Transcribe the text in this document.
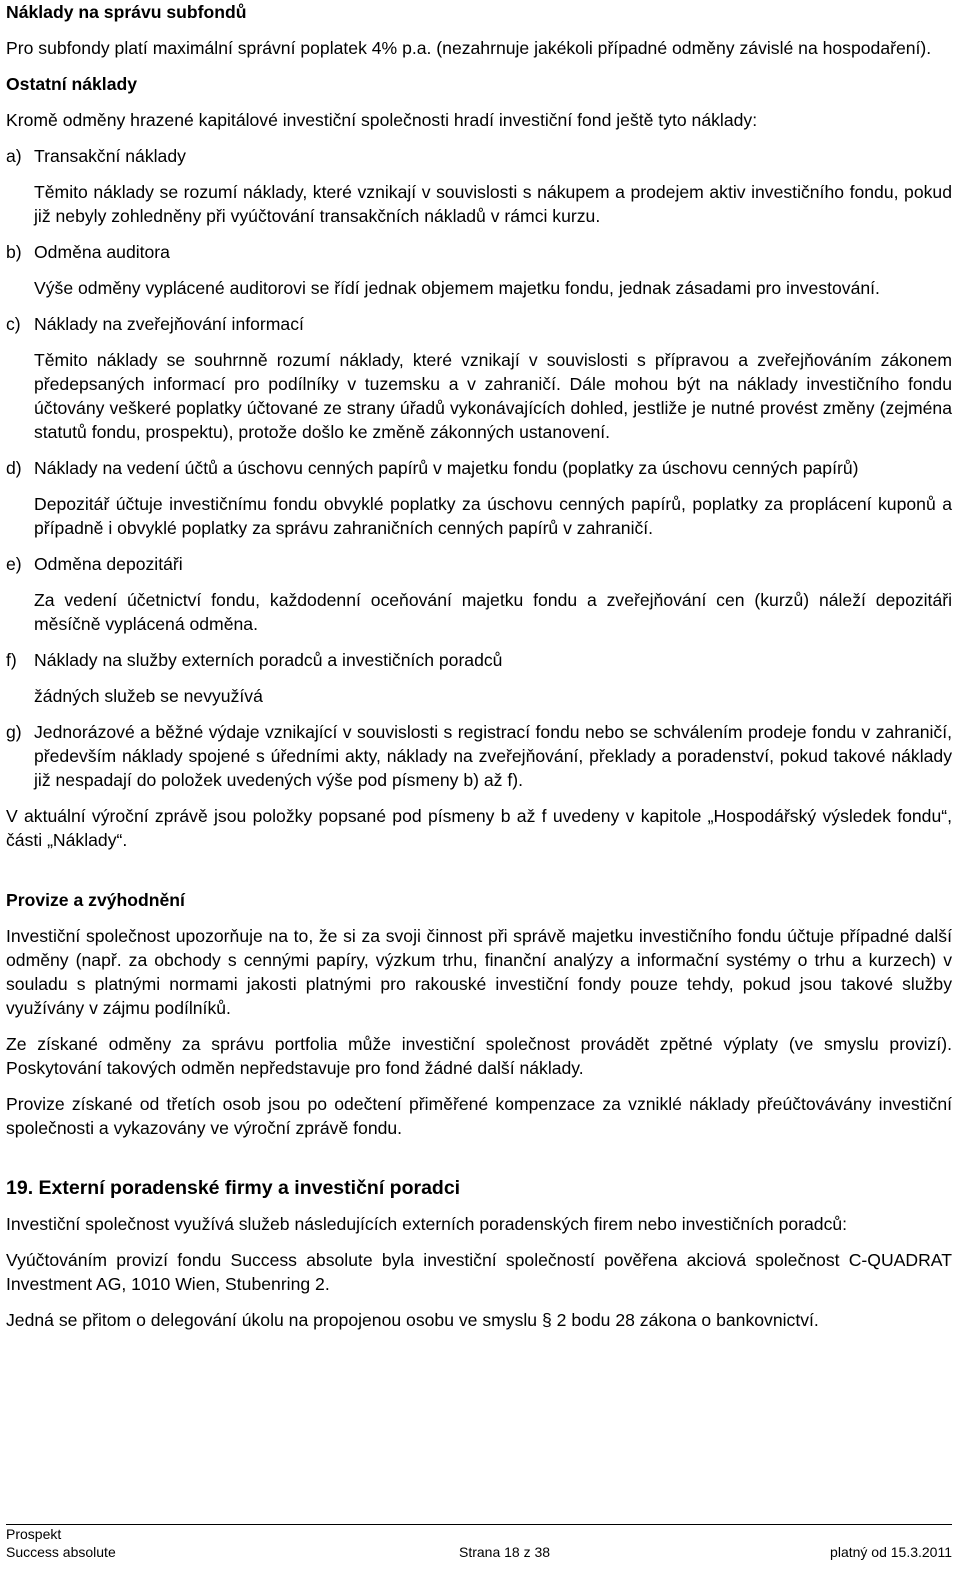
Náklady na správu subfondů

Pro subfondy platí maximální správní poplatek 4% p.a. (nezahrnuje jakékoli případné odměny závislé na hospodaření).

Ostatní náklady

Kromě odměny hrazené kapitálové investiční společnosti hradí investiční fond ještě tyto náklady:

a) Transakční náklady

Těmito náklady se rozumí náklady, které vznikají v souvislosti s nákupem a prodejem aktiv investičního fondu, pokud již nebyly zohledněny při vyúčtování transakčních nákladů v rámci kurzu.

b) Odměna auditora

Výše odměny vyplácené auditorovi se řídí jednak objemem majetku fondu, jednak zásadami pro investování.

c) Náklady na zveřejňování informací

Těmito náklady se souhrnně rozumí náklady, které vznikají v souvislosti s přípravou a zveřejňováním zákonem předepsaných informací pro podílníky v tuzemsku a v zahraničí. Dále mohou být na náklady investičního fondu účtovány veškeré poplatky účtované ze strany úřadů vykonávajících dohled, jestliže je nutné provést změny (zejména statutů fondu, prospektu), protože došlo ke změně zákonných ustanovení.

d) Náklady na vedení účtů a úschovu cenných papírů v majetku fondu (poplatky za úschovu cenných papírů)

Depozitář účtuje investičnímu fondu obvyklé poplatky za úschovu cenných papírů, poplatky za proplácení kuponů a případně i obvyklé poplatky za správu zahraničních cenných papírů v zahraničí.

e) Odměna depozitáři

Za vedení účetnictví fondu, každodenní oceňování majetku fondu a zveřejňování cen (kurzů) náleží depozitáři měsíčně vyplácená odměna.

f) Náklady na služby externích poradců a investičních poradců

žádných služeb se nevyužívá

g) Jednorázové a běžné výdaje vznikající v souvislosti s registrací fondu nebo se schválením prodeje fondu v zahraničí, především náklady spojené s úředními akty, náklady na zveřejňování, překlady a poradenství, pokud takové náklady již nespadají do položek uvedených výše pod písmeny b) až f).

V aktuální výroční zprávě jsou položky popsané pod písmeny b až f uvedeny v kapitole „Hospodářský výsledek fondu“, části „Náklady“.

Provize a zvýhodnění

Investiční společnost upozorňuje na to, že si za svoji činnost při správě majetku investičního fondu účtuje případné další odměny (např. za obchody s cennými papíry, výzkum trhu, finanční analýzy a informační systémy o trhu a kurzech) v souladu s platnými normami jakosti platnými pro rakouské investiční fondy pouze tehdy, pokud jsou takové služby využívány v zájmu podílníků.

Ze získané odměny za správu portfolia může investiční společnost provádět zpětné výplaty (ve smyslu provizí). Poskytování takových odměn nepředstavuje pro fond žádné další náklady.

Provize získané od třetích osob jsou po odečtení přiměřené kompenzace za vzniklé náklady přeúčtovávány investiční společnosti a vykazovány ve výroční zprávě fondu.

19. Externí poradenské firmy a investiční poradci

Investiční společnost využívá služeb následujících externích poradenských firem nebo investičních poradců:

Vyúčtováním provizí fondu Success absolute byla investiční společností pověřena akciová společnost C-QUADRAT Investment AG, 1010 Wien, Stubenring 2.

Jedná se přitom o delegování úkolu na propojenou osobu ve smyslu § 2 bodu 28 zákona o bankovnictví.

Prospekt
Success absolute	Strana 18 z 38	platný od 15.3.2011
